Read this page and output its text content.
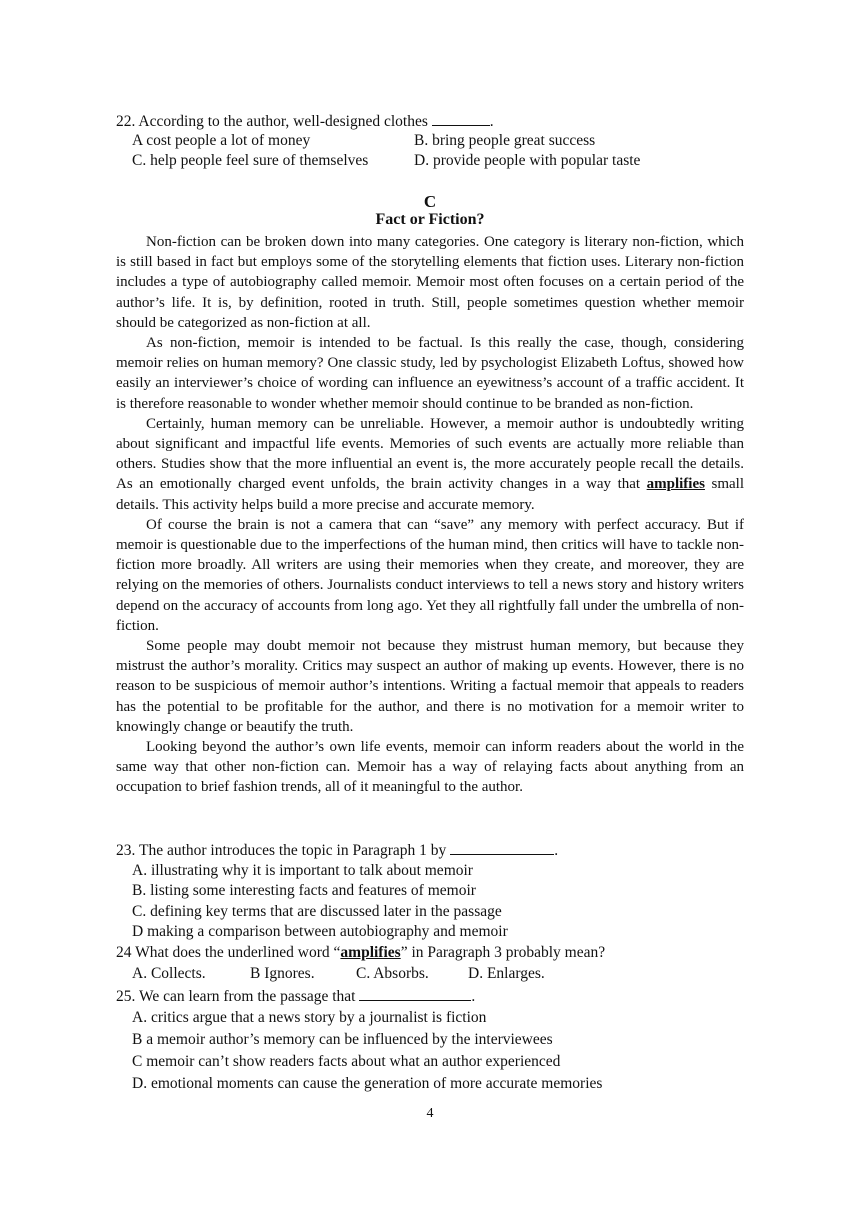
22. According to the author, well-designed clothes	.
A cost people a lot of money	B. bring people great success
C. help people feel sure of themselves	D. provide people with popular taste
C
Fact or Fiction?

Non-fiction can be broken down into many categories. One category is literary non-fiction, which is still based in fact but employs some of the storytelling elements that fiction uses. Literary non-fiction includes a type of autobiography called memoir. Memoir most often focuses on a certain period of the author’s life. It is, by definition, rooted in truth. Still, people sometimes question whether memoir should be categorized as non-fiction at all.

As non-fiction, memoir is intended to be factual. Is this really the case, though, considering memoir relies on human memory? One classic study, led by psychologist Elizabeth Loftus, showed how easily an interviewer’s choice of wording can influence an eyewitness’s account of a traffic accident. It is therefore reasonable to wonder whether memoir should continue to be branded as non-fiction.

Certainly, human memory can be unreliable. However, a memoir author is undoubtedly writing about significant and impactful life events. Memories of such events are actually more reliable than others. Studies show that the more influential an event is, the more accurately people recall the details. As an emotionally charged event unfolds, the brain activity changes in a way that amplifies small details. This activity helps build a more precise and accurate memory.

Of course the brain is not a camera that can “save” any memory with perfect accuracy. But if memoir is questionable due to the imperfections of the human mind, then critics will have to tackle non-fiction more broadly. All writers are using their memories when they create, and moreover, they are relying on the memories of others. Journalists conduct interviews to tell a news story and history writers depend on the accuracy of accounts from long ago. Yet they all rightfully fall under the umbrella of non-fiction.

Some people may doubt memoir not because they mistrust human memory, but because they mistrust the author’s morality. Critics may suspect an author of making up events. However, there is no reason to be suspicious of memoir author’s intentions. Writing a factual memoir that appeals to readers has the potential to be profitable for the author, and there is no motivation for a memoir writer to knowingly change or beautify the truth.

Looking beyond the author’s own life events, memoir can inform readers about the world in the same way that other non-fiction can. Memoir has a way of relaying facts about anything from an occupation to brief fashion trends, all of it meaningful to the author.

23. The author introduces the topic in Paragraph 1 by	.
A. illustrating why it is important to talk about memoir
B. listing some interesting facts and features of memoir
C. defining key terms that are discussed later in the passage
D making a comparison between autobiography and memoir
24 What does the underlined word “amplifies” in Paragraph 3 probably mean?
A. Collects.	B Ignores.	C. Absorbs.	D. Enlarges.
25. We can learn from the passage that	.
A. critics argue that a news story by a journalist is fiction
B a memoir author’s memory can be influenced by the interviewees
C memoir can’t show readers facts about what an author experienced
D. emotional moments can cause the generation of more accurate memories
4
